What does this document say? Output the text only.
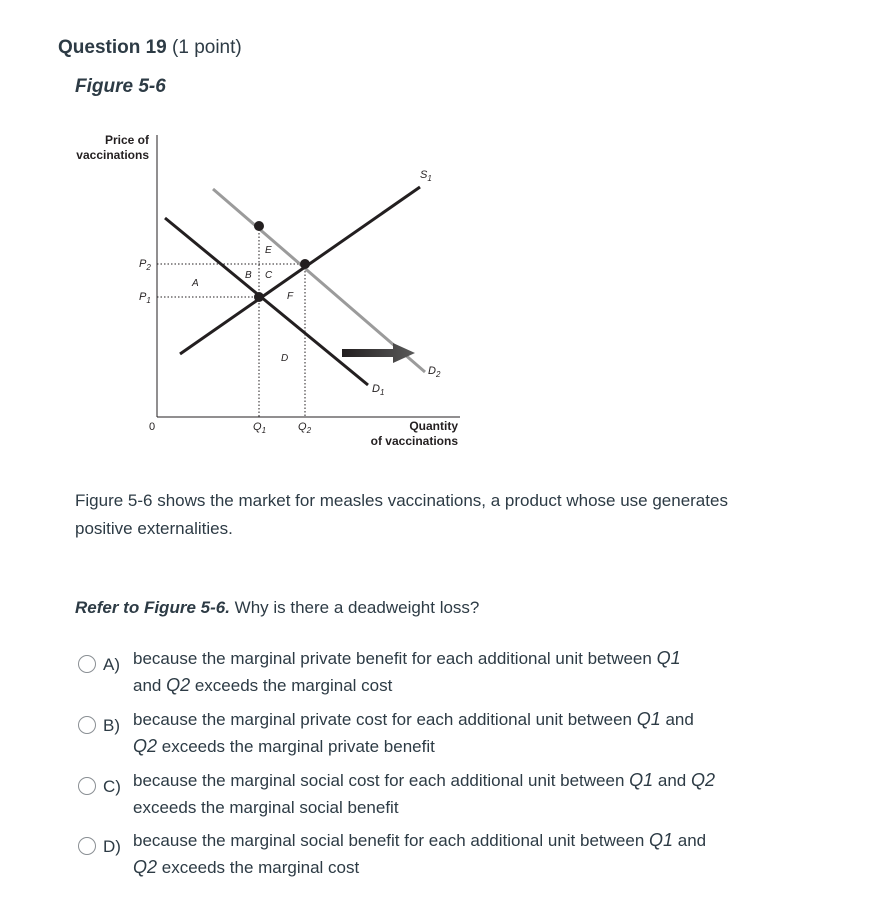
Question 19 (1 point)
Figure 5-6
Price of
vaccinations
Quantity
of vaccinations
0
$P_2$
$P_1$
$Q_1$	$Q_2$
$S_1$
$D_1$
$D_2$
A
B C
D
E
F
Figure 5-6 shows the market for measles vaccinations, a product whose use generates positive externalities.
Refer to Figure 5-6. Why is there a deadweight loss?
A) because the marginal private benefit for each additional unit between Q1
and Q2 exceeds the marginal cost
B) because the marginal private cost for each additional unit between Q1 and
Q2 exceeds the marginal private benefit
C) because the marginal social cost for each additional unit between Q1 and Q2
exceeds the marginal social benefit
D) because the marginal social benefit for each additional unit between Q1 and
Q2 exceeds the marginal cost
